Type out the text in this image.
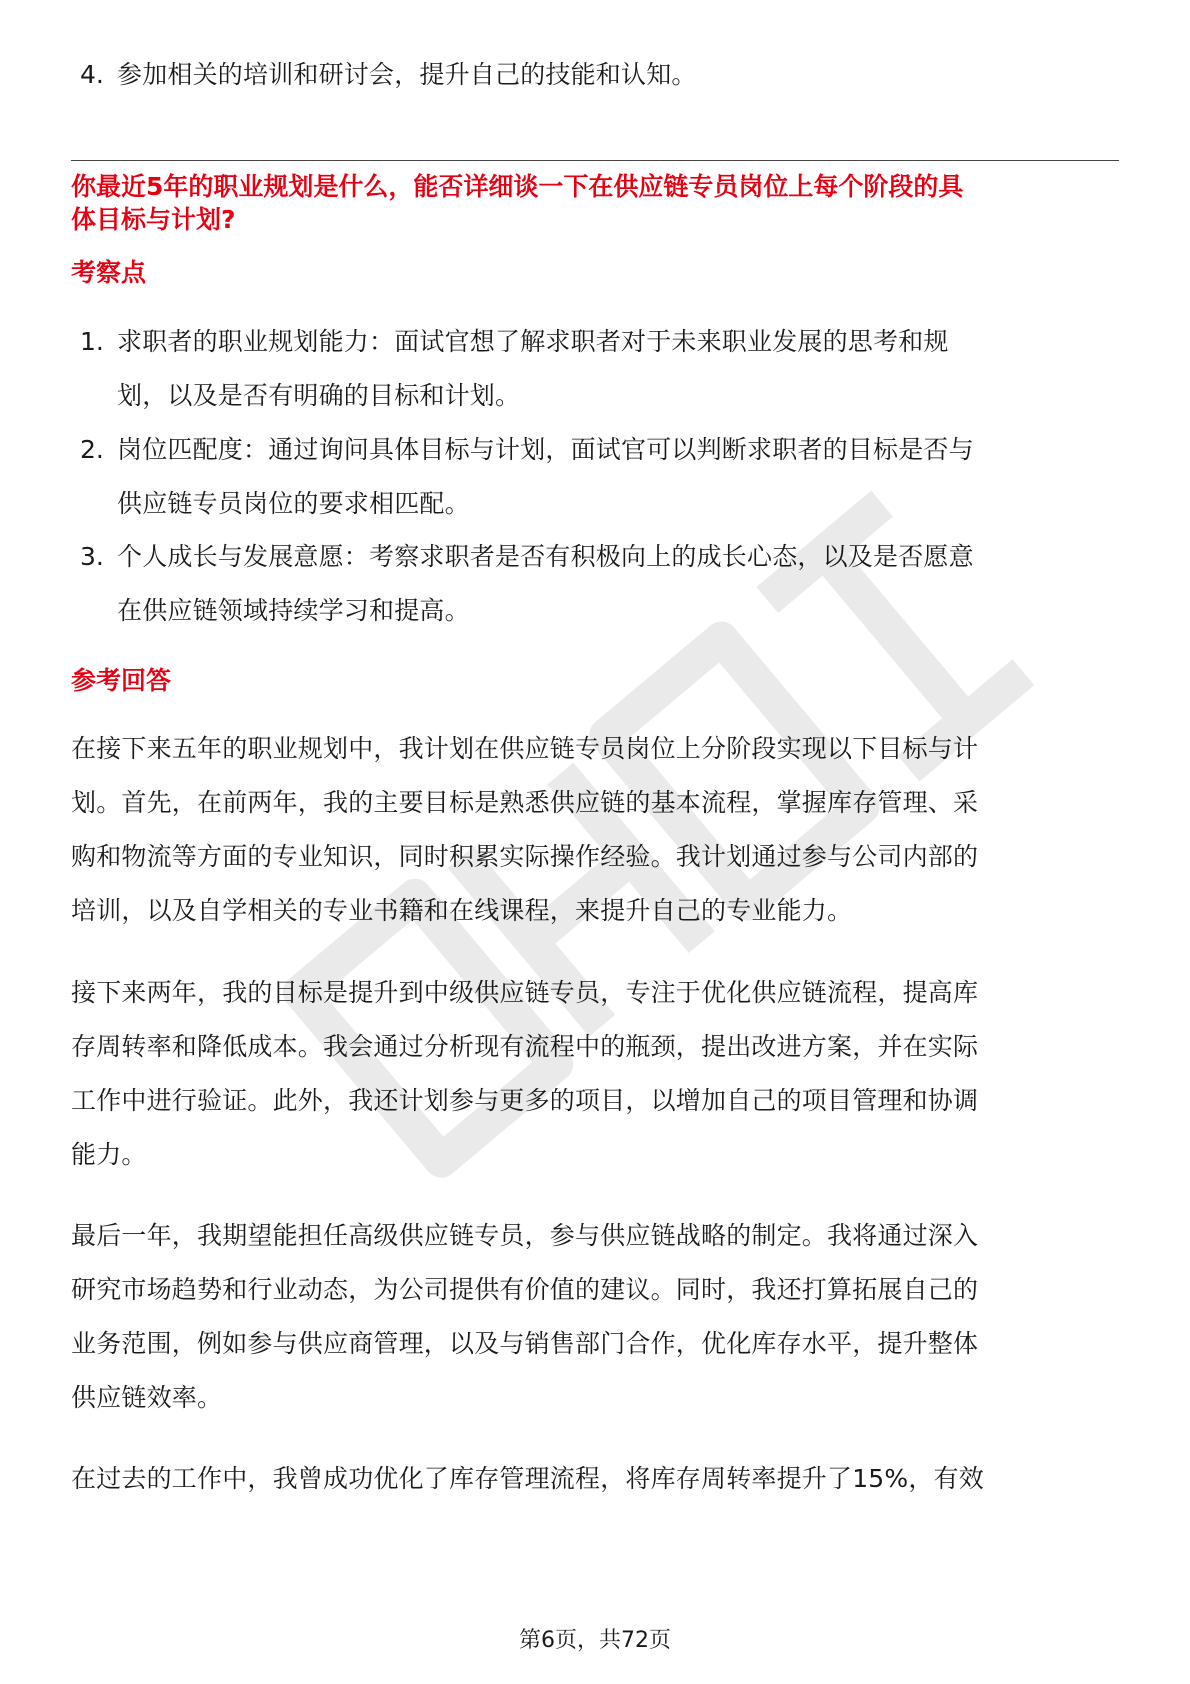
4. 参加相关的培训和研讨会，提升自己的技能和认知。
你最近5年的职业规划是什么，能否详细谈一下在供应链专员岗位上每个阶段的具
体目标与计划?
考察点
1. 求职者的职业规划能力：面试官想了解求职者对于未来职业发展的思考和规
划，以及是否有明确的目标和计划。
2. 岗位匹配度：通过询问具体目标与计划，面试官可以判断求职者的目标是否与
供应链专员岗位的要求相匹配。
3. 个人成长与发展意愿：考察求职者是否有积极向上的成长心态，以及是否愿意
在供应链领域持续学习和提高。
参考回答
在接下来五年的职业规划中，我计划在供应链专员岗位上分阶段实现以下目标与计
划。首先，在前两年，我的主要目标是熟悉供应链的基本流程，掌握库存管理、采
购和物流等方面的专业知识，同时积累实际操作经验。我计划通过参与公司内部的
培训，以及自学相关的专业书籍和在线课程，来提升自己的专业能力。
接下来两年，我的目标是提升到中级供应链专员，专注于优化供应链流程，提高库
存周转率和降低成本。我会通过分析现有流程中的瓶颈，提出改进方案，并在实际
工作中进行验证。此外，我还计划参与更多的项目，以增加自己的项目管理和协调
能力。
最后一年，我期望能担任高级供应链专员，参与供应链战略的制定。我将通过深入
研究市场趋势和行业动态，为公司提供有价值的建议。同时，我还打算拓展自己的
业务范围，例如参与供应商管理，以及与销售部门合作，优化库存水平，提升整体
供应链效率。
在过去的工作中，我曾成功优化了库存管理流程，将库存周转率提升了15%，有效
第6页，共72页
